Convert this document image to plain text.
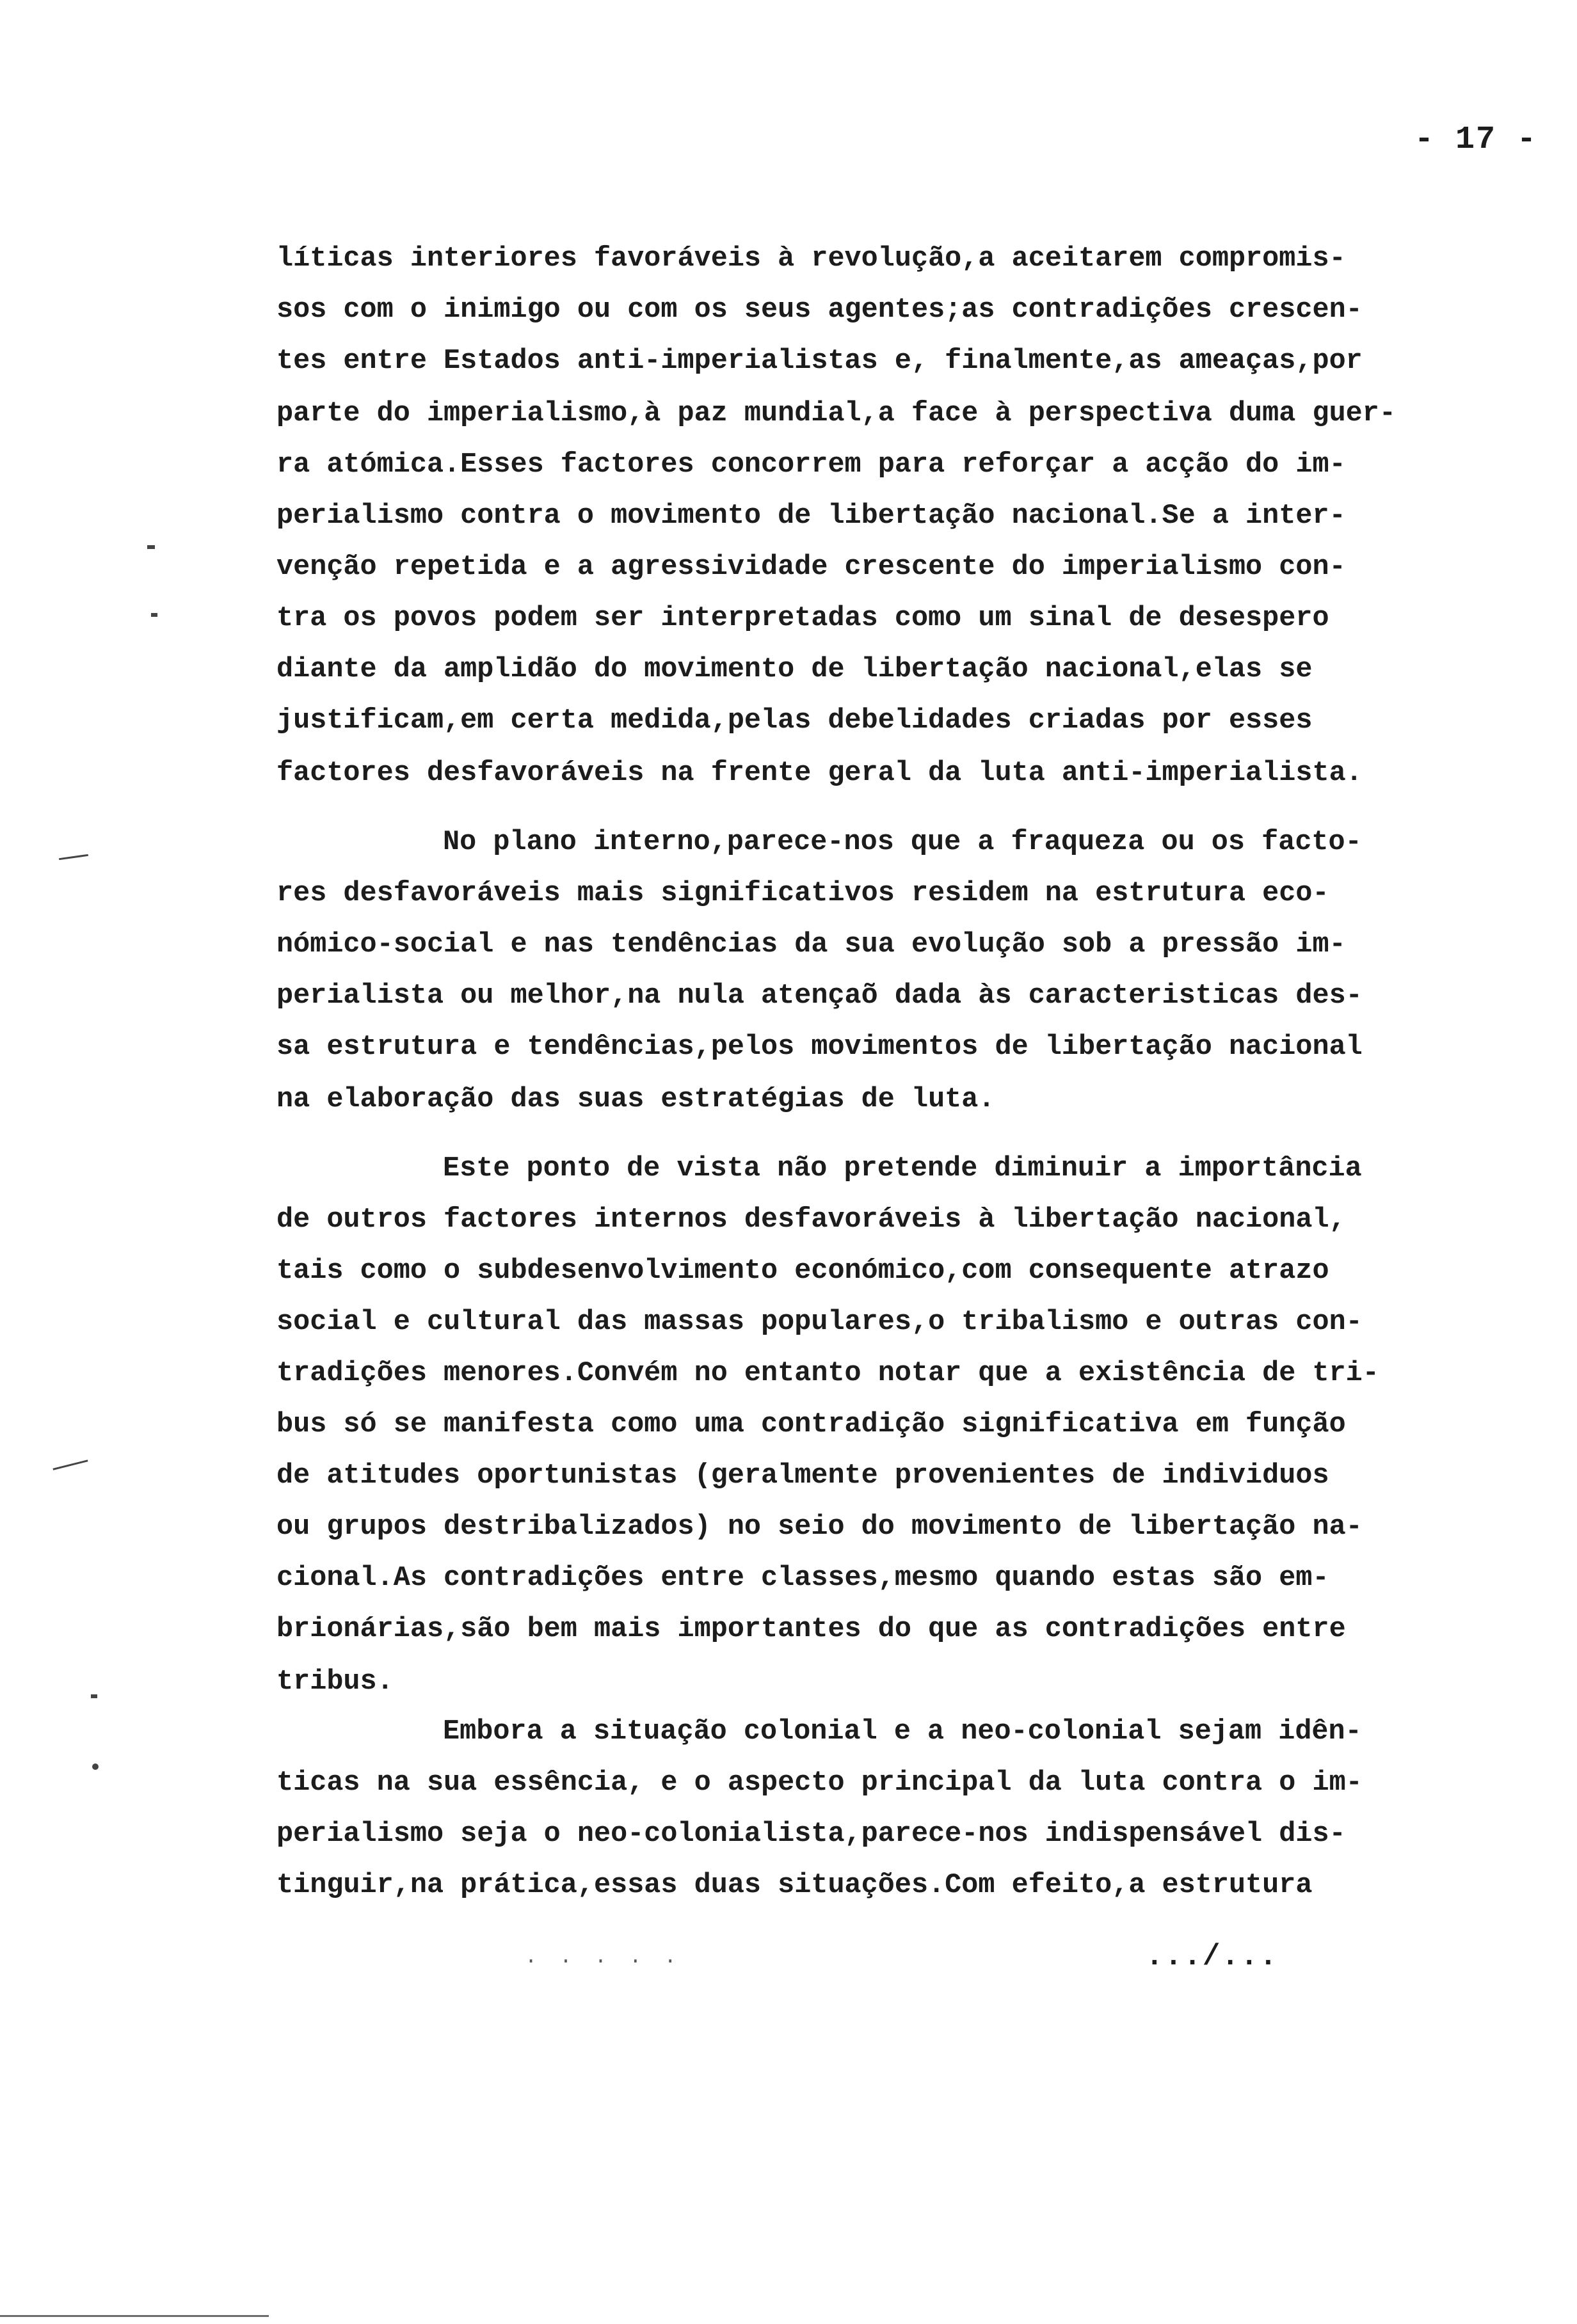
- 17 -
líticas interiores favoráveis à revolução,a aceitarem compromis-
sos com o inimigo ou com os seus agentes;as contradições crescen-
tes entre Estados anti-imperialistas e, finalmente,as ameaças,por
parte do imperialismo,à paz mundial,a face à perspectiva duma guer-
ra atómica.Esses factores concorrem para reforçar a acção do im-
perialismo contra o movimento de libertação nacional.Se a inter-
venção repetida e a agressividade crescente do imperialismo con-
tra os povos podem ser interpretadas como um sinal de desespero
diante da amplidão do movimento de libertação nacional,elas se
justificam,em certa medida,pelas debelidades criadas por esses
factores desfavoráveis na frente geral da luta anti-imperialista.
No plano interno,parece-nos que a fraqueza ou os facto-
res desfavoráveis mais significativos residem na estrutura eco-
nómico-social e nas tendências da sua evolução sob a pressão im-
perialista ou melhor,na nula atençaõ dada às caracteristicas des-
sa estrutura e tendências,pelos movimentos de libertação nacional
na elaboração das suas estratégias de luta.
Este ponto de vista não pretende diminuir a importância
de outros factores internos desfavoráveis à libertação nacional,
tais como o subdesenvolvimento económico,com consequente atrazo
social e cultural das massas populares,o tribalismo e outras con-
tradições menores.Convém no entanto notar que a existência de tri-
bus só se manifesta como uma contradição significativa em função
de atitudes oportunistas (geralmente provenientes de individuos
ou grupos destribalizados) no seio do movimento de libertação na-
cional.As contradições entre classes,mesmo quando estas são em-
brionárias,são bem mais importantes do que as contradições entre
tribus.
Embora a situação colonial e a neo-colonial sejam idên-
ticas na sua essência, e o aspecto principal da luta contra o im-
perialismo seja o neo-colonialista,parece-nos indispensável dis-
tinguir,na prática,essas duas situações.Com efeito,a estrutura
. . . . .	.../...
